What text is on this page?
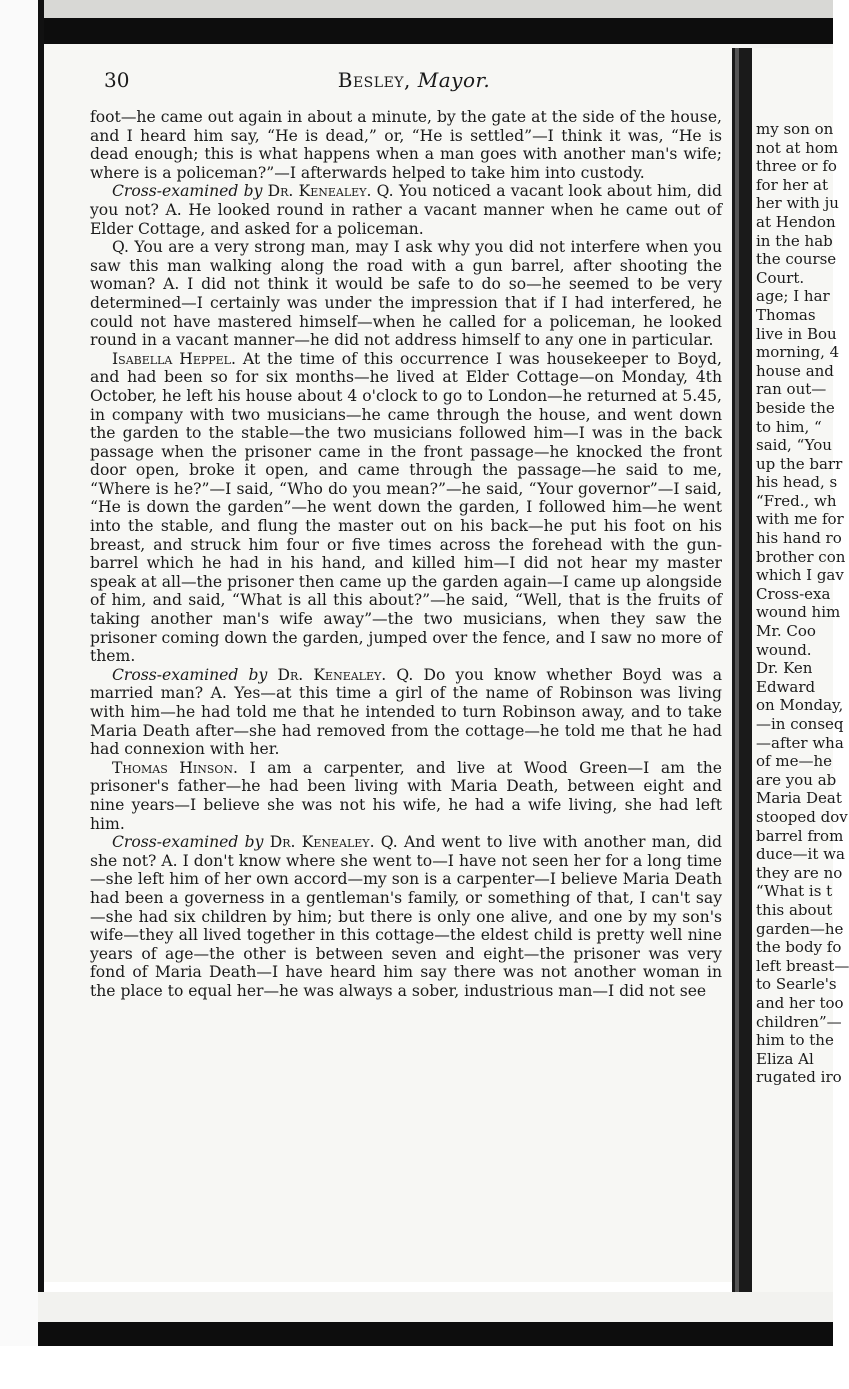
my son on
not at hom
three or fo
for her at
her with ju
at Hendon
in the hab
the course
Court.
age; I har
Thomas
live in Bou
morning, 4
house and
ran out—
beside the
to him, “
said, “You
up the barr
his head, s
“Fred., wh
with me for
his hand ro
brother con
which I gav
Cross-exa
wound him
Mr. Coo
wound.
Dr. Ken
Edward
on Monday,
—in conseq
—after wha
of me—he
are you ab
Maria Deat
stooped dov
barrel from
duce—it wa
they are no
“What is t
this about
garden—he
the body fo
left breast—
to Searle's
and her too
children”—
him to the
Eliza Al
rugated iro
30	Besley, Mayor.

foot—he came out again in about a minute, by the gate at the side of the house, and I heard him say, “He is dead,” or, “He is settled”—I think it was, “He is dead enough; this is what happens when a man goes with another man's wife; where is a policeman?”—I afterwards helped to take him into custody.

Cross-examined by Dr. Kenealey. Q. You noticed a vacant look about him, did you not? A. He looked round in rather a vacant manner when he came out of Elder Cottage, and asked for a policeman.

Q. You are a very strong man, may I ask why you did not interfere when you saw this man walking along the road with a gun barrel, after shooting the woman? A. I did not think it would be safe to do so—he seemed to be very determined—I certainly was under the impression that if I had interfered, he could not have mastered himself—when he called for a policeman, he looked round in a vacant manner—he did not address himself to any one in particular.

Isabella Heppel. At the time of this occurrence I was housekeeper to Boyd, and had been so for six months—he lived at Elder Cottage—on Monday, 4th October, he left his house about 4 o'clock to go to London—he returned at 5.45, in company with two musicians—he came through the house, and went down the garden to the stable—the two musicians followed him—I was in the back passage when the prisoner came in the front passage—he knocked the front door open, broke it open, and came through the passage—he said to me, “Where is he?”—I said, “Who do you mean?”—he said, “Your governor”—I said, “He is down the garden”—he went down the garden, I followed him—he went into the stable, and flung the master out on his back—he put his foot on his breast, and struck him four or five times across the forehead with the gun-barrel which he had in his hand, and killed him—I did not hear my master speak at all—the prisoner then came up the garden again—I came up alongside of him, and said, “What is all this about?”—he said, “Well, that is the fruits of taking another man's wife away”—the two musicians, when they saw the prisoner coming down the garden, jumped over the fence, and I saw no more of them.

Cross-examined by Dr. Kenealey. Q. Do you know whether Boyd was a married man? A. Yes—at this time a girl of the name of Robinson was living with him—he had told me that he intended to turn Robinson away, and to take Maria Death after—she had removed from the cottage—he told me that he had had connexion with her.

Thomas Hinson. I am a carpenter, and live at Wood Green—I am the prisoner's father—he had been living with Maria Death, between eight and nine years—I believe she was not his wife, he had a wife living, she had left him.

Cross-examined by Dr. Kenealey. Q. And went to live with another man, did she not? A. I don't know where she went to—I have not seen her for a long time—she left him of her own accord—my son is a carpenter—I believe Maria Death had been a governess in a gentleman's family, or something of that, I can't say—she had six children by him; but there is only one alive, and one by my son's wife—they all lived together in this cottage—the eldest child is pretty well nine years of age—the other is between seven and eight—the prisoner was very fond of Maria Death—I have heard him say there was not another woman in the place to equal her—he was always a sober, industrious man—I did not see
